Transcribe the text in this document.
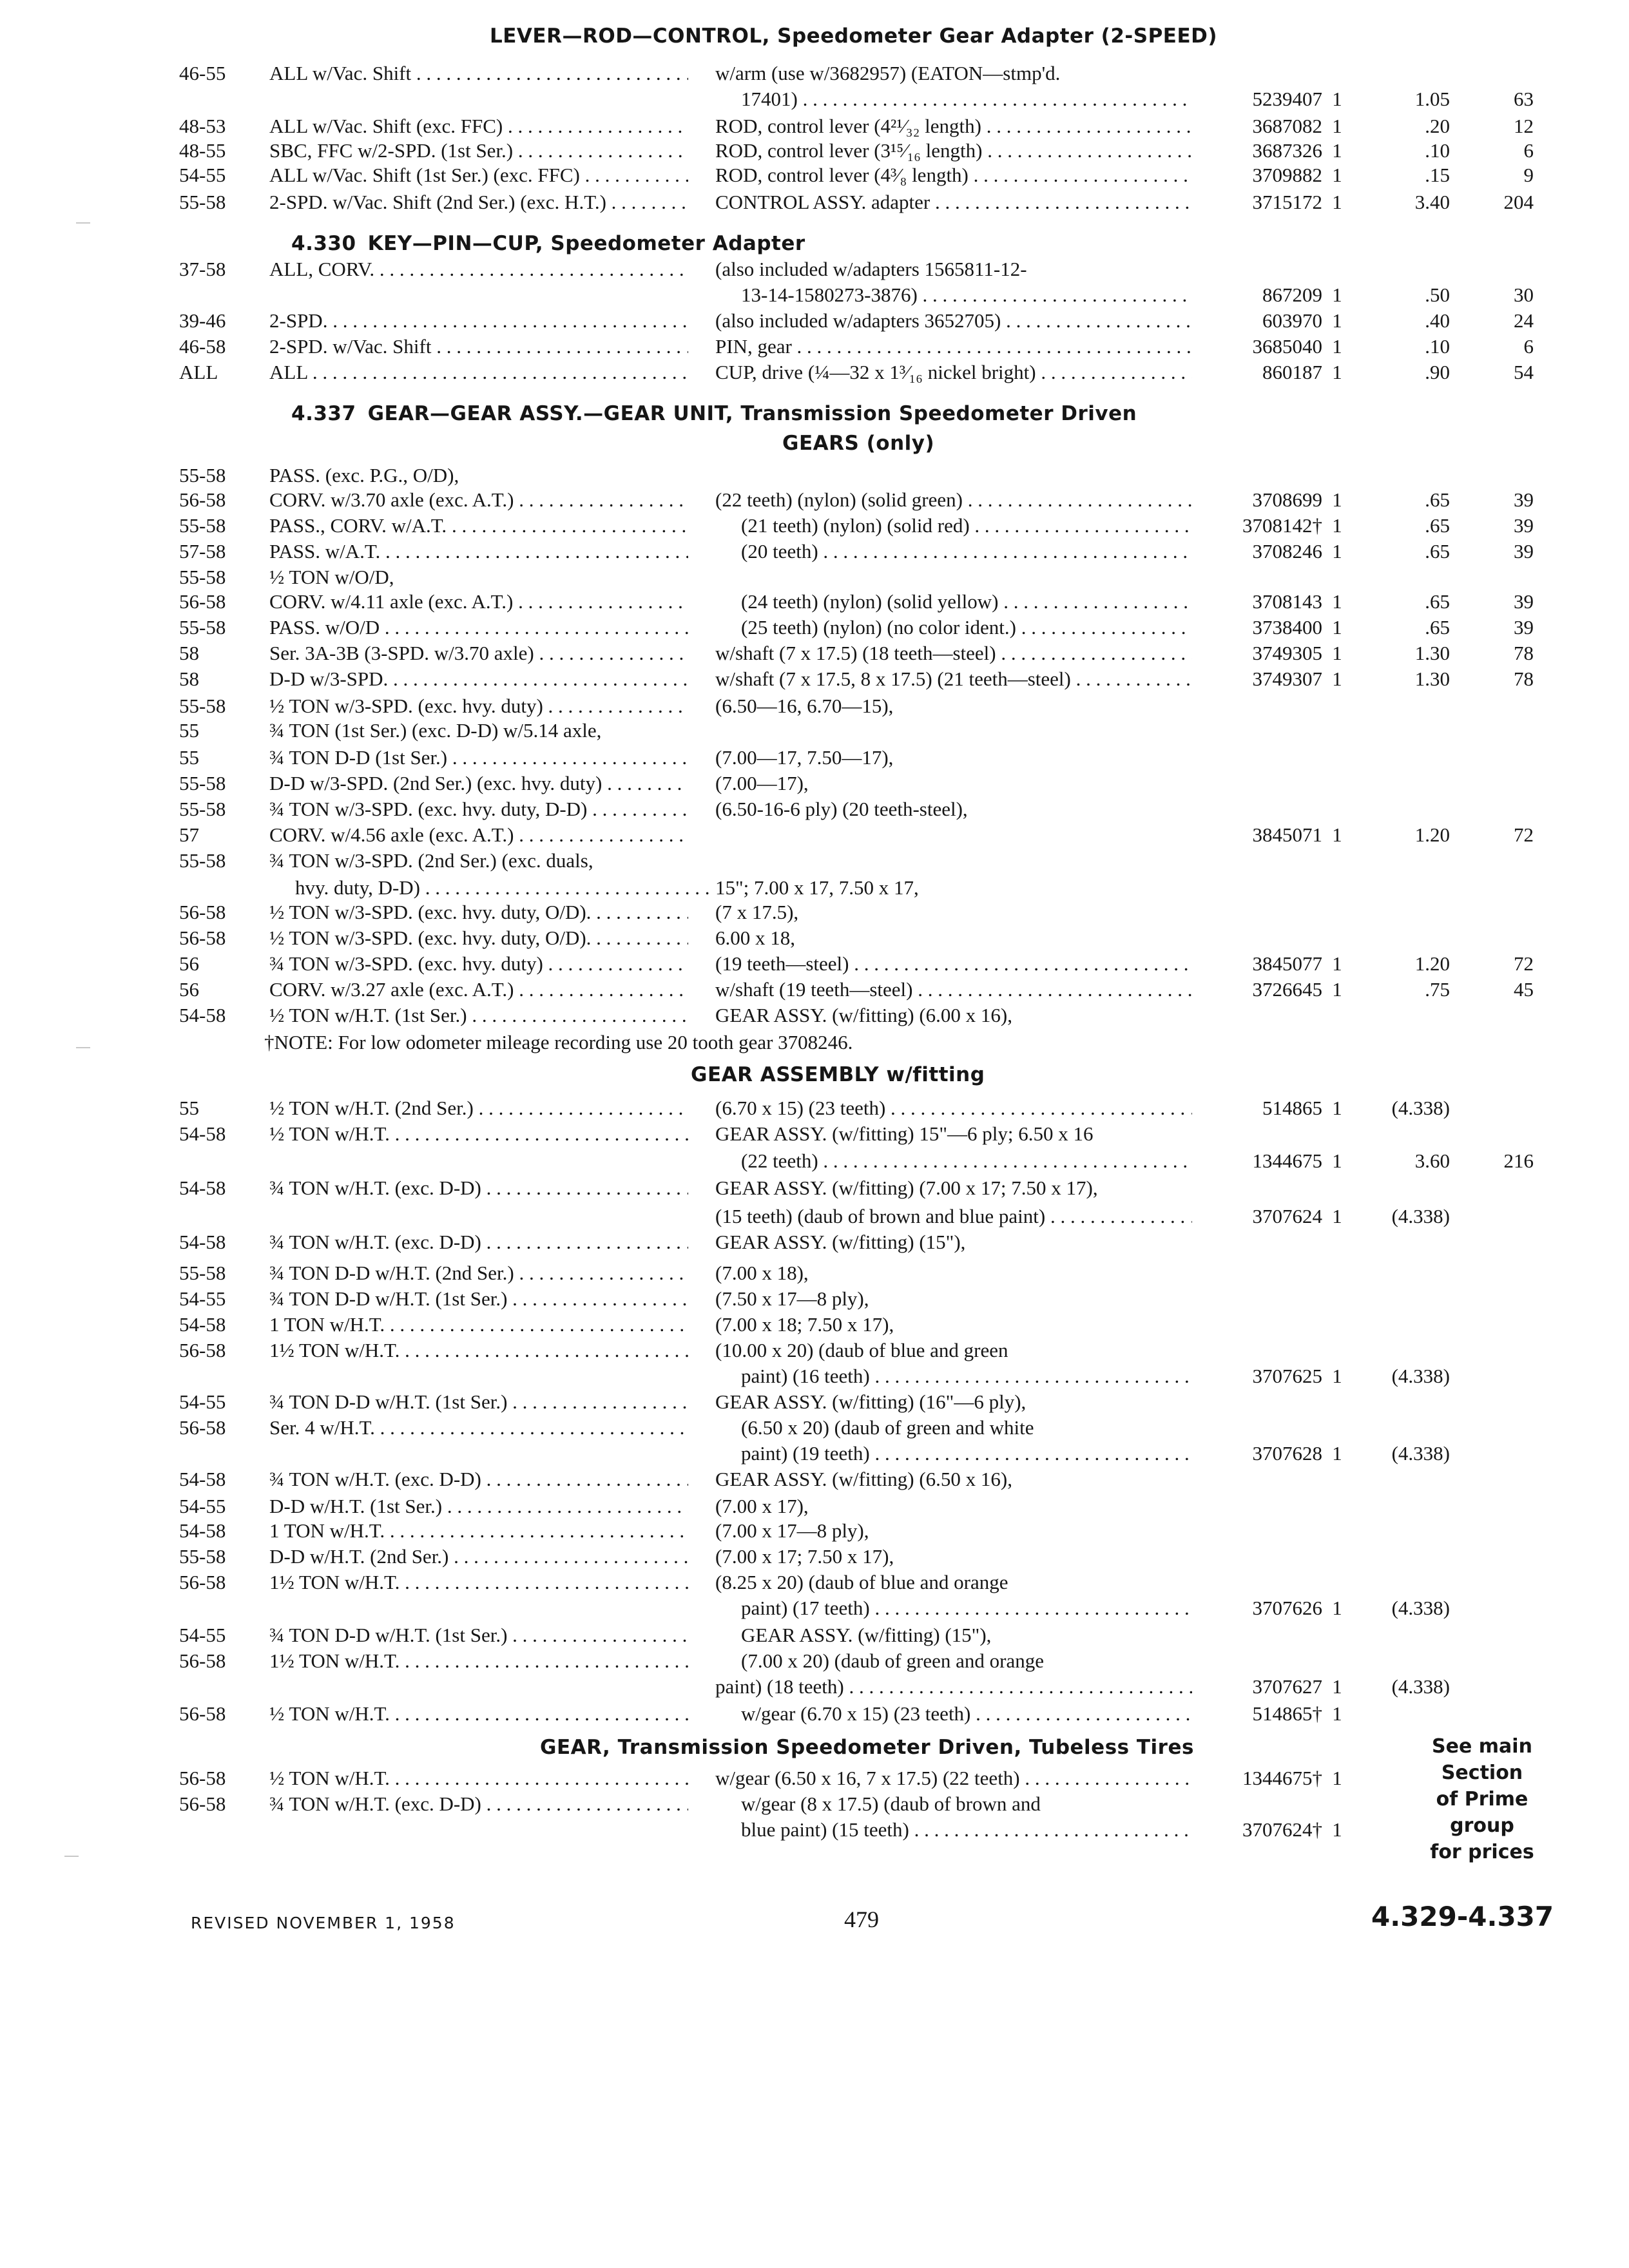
LEVER—ROD—CONTROL, Speedometer Gear Adapter (2-SPEED)
4.330 KEY—PIN—CUP, Speedometer Adapter
4.337 GEAR—GEAR ASSY.—GEAR UNIT, Transmission Speedometer Driven
GEARS (only)
†NOTE: For low odometer mileage recording use 20 tooth gear 3708246.
GEAR ASSEMBLY w/fitting
GEAR, Transmission Speedometer Driven, Tubeless Tires	See main
Section
of Prime
group
for prices
46-55 ALL w/Vac. Shift . . .	w/arm (use w/3682957) (EATON—stmp'd.
17401) . . .	5239407 1	1.05	63
48-53 ALL w/Vac. Shift (exc. FFC) . . .	ROD, control lever (4²¹⁄₃₂ length) . . .	3687082 1	.20	12
48-55 SBC, FFC w/2-SPD. (1st Ser.) . . .	ROD, control lever (3¹⁵⁄₁₆ length) . . .	3687326 1	.10	6
54-55 ALL w/Vac. Shift (1st Ser.) (exc. FFC) . . .	ROD, control lever (4³⁄₈ length) . . .	3709882 1	.15	9
55-58 2-SPD. w/Vac. Shift (2nd Ser.) (exc. H.T.) . . .	CONTROL ASSY. adapter . . .	3715172 1	3.40	204
37-58 ALL, CORV. . . .	(also included w/adapters 1565811-12-
13-14-1580273-3876) . . .	867209 1	.50	30
39-46 2-SPD. . . .	(also included w/adapters 3652705) . . .	603970 1	.40	24
46-58 2-SPD. w/Vac. Shift . . .	PIN, gear . . .	3685040 1	.10	6
ALL	ALL . . .	CUP, drive (¼—32 x 1³⁄₁₆ nickel bright) . . .	860187 1	.90	54
55-58 PASS. (exc. P.G., O/D),
56-58 CORV. w/3.70 axle (exc. A.T.) . . .	(22 teeth) (nylon) (solid green) . . .	3708699 1	.65	39
55-58 PASS., CORV. w/A.T. . . .	(21 teeth) (nylon) (solid red) . . .	3708142† 1	.65	39
57-58 PASS. w/A.T. . . .	(20 teeth) . . .	3708246 1	.65	39
55-58 ½ TON w/O/D,
56-58 CORV. w/4.11 axle (exc. A.T.) . . .	(24 teeth) (nylon) (solid yellow) . . .	3708143 1	.65	39
55-58 PASS. w/O/D . . .	(25 teeth) (nylon) (no color ident.) . . .	3738400 1	.65	39
58	Ser. 3A-3B (3-SPD. w/3.70 axle) . . .	w/shaft (7 x 17.5) (18 teeth—steel) . . .	3749305 1	1.30	78
58	D-D w/3-SPD. . . .	w/shaft (7 x 17.5, 8 x 17.5) (21 teeth—steel) . . .	3749307 1	1.30	78
55-58 ½ TON w/3-SPD. (exc. hvy. duty) . . .	(6.50—16, 6.70—15),
55	¾ TON (1st Ser.) (exc. D-D) w/5.14 axle,
55	¾ TON D-D (1st Ser.) . . .	(7.00—17, 7.50—17),
55-58 D-D w/3-SPD. (2nd Ser.) (exc. hvy. duty) . . .	(7.00—17),
55-58 ¾ TON w/3-SPD. (exc. hvy. duty, D-D) . . .	(6.50-16-6 ply) (20 teeth-steel),
57	CORV. w/4.56 axle (exc. A.T.) . . .	3845071 1	1.20	72
55-58 ¾ TON w/3-SPD. (2nd Ser.) (exc. duals,
hvy. duty, D-D) . . .	15"; 7.00 x 17, 7.50 x 17,
56-58 ½ TON w/3-SPD. (exc. hvy. duty, O/D). . . .	(7 x 17.5),
56-58 ½ TON w/3-SPD. (exc. hvy. duty, O/D). . . .	6.00 x 18,
56	¾ TON w/3-SPD. (exc. hvy. duty) . . .	(19 teeth—steel) . . .	3845077 1	1.20	72
56	CORV. w/3.27 axle (exc. A.T.) . . .	w/shaft (19 teeth—steel) . . .	3726645 1	.75	45
54-58 ½ TON w/H.T. (1st Ser.) . . .	GEAR ASSY. (w/fitting) (6.00 x 16),
55	½ TON w/H.T. (2nd Ser.) . . .	(6.70 x 15) (23 teeth) . . .	514865 1	(4.338)
54-58 ½ TON w/H.T. . . .	GEAR ASSY. (w/fitting) 15"—6 ply; 6.50 x 16
(22 teeth) . . .	1344675 1	3.60	216
54-58 ¾ TON w/H.T. (exc. D-D) . . .	GEAR ASSY. (w/fitting) (7.00 x 17; 7.50 x 17),
(15 teeth) (daub of brown and blue paint) . . .	3707624 1	(4.338)
54-58 ¾ TON w/H.T. (exc. D-D) . . .	GEAR ASSY. (w/fitting) (15"),
55-58 ¾ TON D-D w/H.T. (2nd Ser.) . . .	(7.00 x 18),
54-55 ¾ TON D-D w/H.T. (1st Ser.) . . .	(7.50 x 17—8 ply),
54-58 1 TON w/H.T. . . .	(7.00 x 18; 7.50 x 17),
56-58 1½ TON w/H.T. . . .	(10.00 x 20) (daub of blue and green
paint) (16 teeth) . . .	3707625 1	(4.338)
54-55 ¾ TON D-D w/H.T. (1st Ser.) . . .	GEAR ASSY. (w/fitting) (16"—6 ply),
56-58 Ser. 4 w/H.T. . . .	(6.50 x 20) (daub of green and white
paint) (19 teeth) . . .	3707628 1	(4.338)
54-58 ¾ TON w/H.T. (exc. D-D) . . .	GEAR ASSY. (w/fitting) (6.50 x 16),
54-55 D-D w/H.T. (1st Ser.) . . .	(7.00 x 17),
54-58 1 TON w/H.T. . . .	(7.00 x 17—8 ply),
55-58 D-D w/H.T. (2nd Ser.) . . .	(7.00 x 17; 7.50 x 17),
56-58 1½ TON w/H.T. . . .	(8.25 x 20) (daub of blue and orange
paint) (17 teeth) . . .	3707626 1	(4.338)
54-55 ¾ TON D-D w/H.T. (1st Ser.) . . .	GEAR ASSY. (w/fitting) (15"),
56-58 1½ TON w/H.T. . . .	(7.00 x 20) (daub of green and orange
paint) (18 teeth) . . .	3707627 1	(4.338)
56-58 ½ TON w/H.T. . . .	w/gear (6.70 x 15) (23 teeth) . . .	514865† 1
56-58 ½ TON w/H.T. . . .	w/gear (6.50 x 16, 7 x 17.5) (22 teeth) . . .	1344675† 1
56-58 ¾ TON w/H.T. (exc. D-D) . . .	w/gear (8 x 17.5) (daub of brown and
blue paint) (15 teeth) . . .	3707624† 1
REVISED NOVEMBER 1, 1958	479	4.329-4.337
